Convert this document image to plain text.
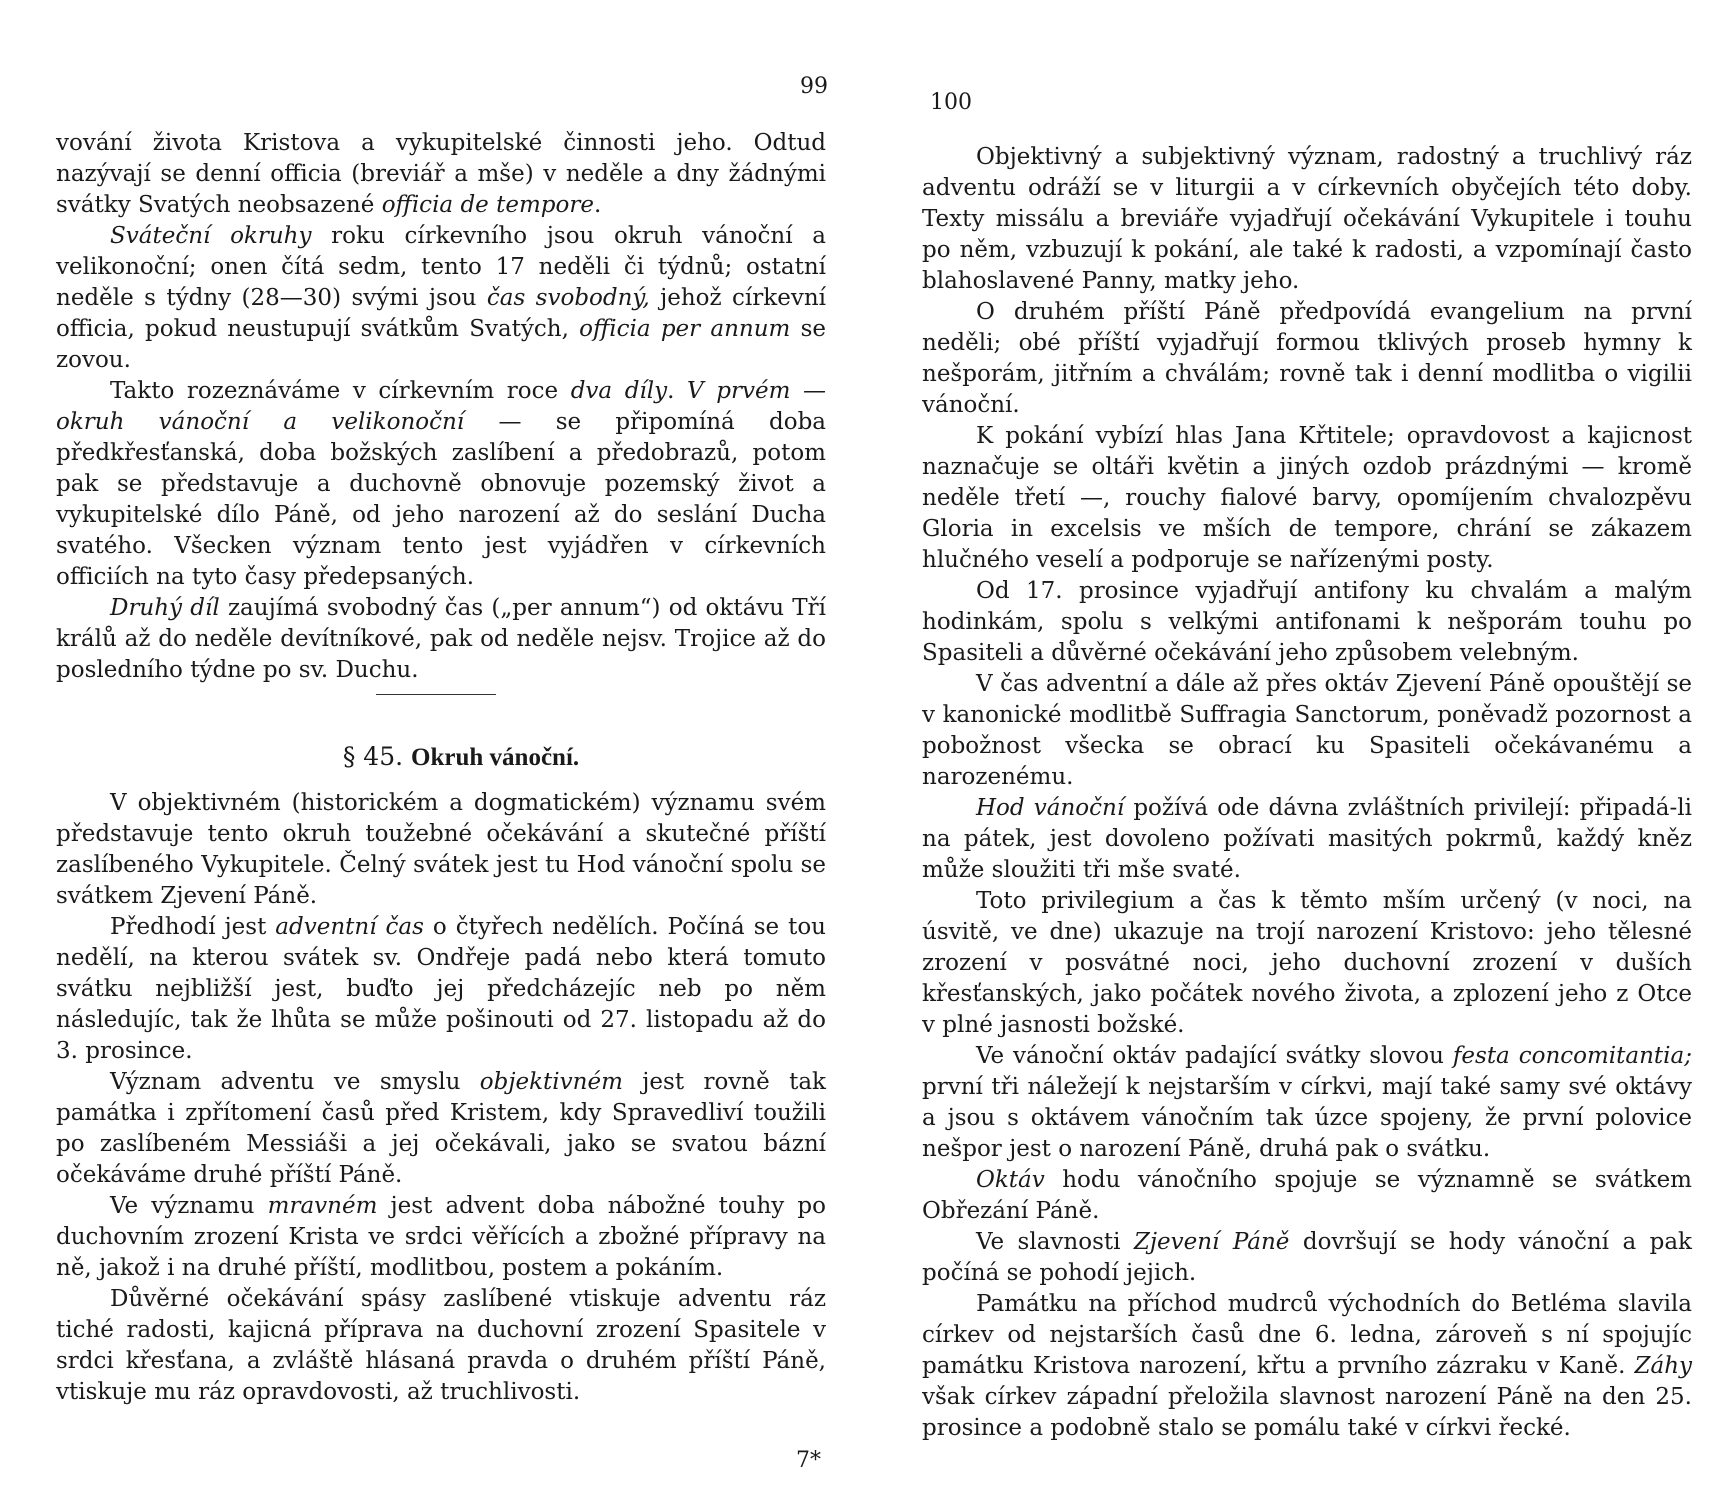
99

vování života Kristova a vykupitelské činnosti jeho. Odtud nazývají se denní officia (breviář a mše) v neděle a dny žádnými svátky Svatých neobsazené officia de tempore.

Sváteční okruhy roku církevního jsou okruh vánoční a velikonoční; onen čítá sedm, tento 17 neděli či týdnů; ostatní neděle s týdny (28—30) svými jsou čas svobodný, jehož církevní officia, pokud neustupují svátkům Svatých, officia per annum se zovou.

Takto rozeznáváme v církevním roce dva díly. V prvém — okruh vánoční a velikonoční — se připomíná doba předkřesťanská, doba božských zaslíbení a předobrazů, potom pak se představuje a duchovně obnovuje pozemský život a vykupitelské dílo Páně, od jeho narození až do seslání Ducha svatého. Všecken význam tento jest vyjádřen v církevních officiích na tyto časy předepsaných.

Druhý díl zaujímá svobodný čas („per annum“) od oktávu Tří králů až do neděle devítníkové, pak od neděle nejsv. Trojice až do posledního týdne po sv. Duchu.

§ 45. Okruh vánoční.

V objektivném (historickém a dogmatickém) významu svém představuje tento okruh toužebné očekávání a skutečné příští zaslíbeného Vykupitele. Čelný svátek jest tu Hod vánoční spolu se svátkem Zjevení Páně.

Předhodí jest adventní čas o čtyřech nedělích. Počíná se tou nedělí, na kterou svátek sv. Ondřeje padá nebo která tomuto svátku nejbližší jest, buďto jej předcházejíc neb po něm následujíc, tak že lhůta se může pošinouti od 27. listopadu až do 3. prosince.

Význam adventu ve smyslu objektivném jest rovně tak památka i zpřítomení časů před Kristem, kdy Spravedliví toužili po zaslíbeném Messiáši a jej očekávali, jako se svatou bázní očekáváme druhé příští Páně.

Ve významu mravném jest advent doba nábožné touhy po duchovním zrození Krista ve srdci věřících a zbožné přípravy na ně, jakož i na druhé příští, modlitbou, postem a pokáním.

Důvěrné očekávání spásy zaslíbené vtiskuje adventu ráz tiché radosti, kajicná příprava na duchovní zrození Spasitele v srdci křesťana, a zvláště hlásaná pravda o druhém příští Páně, vtiskuje mu ráz opravdovosti, až truchlivosti.

7*
100

Objektivný a subjektivný význam, radostný a truchlivý ráz adventu odráží se v liturgii a v církevních obyčejích této doby. Texty missálu a breviáře vyjadřují očekávání Vykupitele i touhu po něm, vzbuzují k pokání, ale také k radosti, a vzpomínají často blahoslavené Panny, matky jeho.

O druhém příští Páně předpovídá evangelium na první neděli; obé příští vyjadřují formou tklivých proseb hymny k nešporám, jitřním a chválám; rovně tak i denní modlitba o vigilii vánoční.

K pokání vybízí hlas Jana Křtitele; opravdovost a kajicnost naznačuje se oltáři květin a jiných ozdob prázdnými — kromě neděle třetí —, rouchy fialové barvy, opomíjením chvalozpěvu Gloria in excelsis ve mších de tempore, chrání se zákazem hlučného veselí a podporuje se nařízenými posty.

Od 17. prosince vyjadřují antifony ku chvalám a malým hodinkám, spolu s velkými antifonami k nešporám touhu po Spasiteli a důvěrné očekávání jeho způsobem velebným.

V čas adventní a dále až přes oktáv Zjevení Páně opouštějí se v kanonické modlitbě Suffragia Sanctorum, poněvadž pozornost a pobožnost všecka se obrací ku Spasiteli očekávanému a narozenému.

Hod vánoční požívá ode dávna zvláštních privilejí: připadá-li na pátek, jest dovoleno požívati masitých pokrmů, každý kněz může sloužiti tři mše svaté.

Toto privilegium a čas k těmto mším určený (v noci, na úsvitě, ve dne) ukazuje na trojí narození Kristovo: jeho tělesné zrození v posvátné noci, jeho duchovní zrození v duších křesťanských, jako počátek nového života, a zplození jeho z Otce v plné jasnosti božské.

Ve vánoční oktáv padající svátky slovou festa concomitantia; první tři náležejí k nejstarším v církvi, mají také samy své oktávy a jsou s oktávem vánočním tak úzce spojeny, že první polovice nešpor jest o narození Páně, druhá pak o svátku.

Oktáv hodu vánočního spojuje se významně se svátkem Obřezání Páně.

Ve slavnosti Zjevení Páně dovršují se hody vánoční a pak počíná se pohodí jejich.

Památku na příchod mudrců východních do Betléma slavila církev od nejstarších časů dne 6. ledna, zároveň s ní spojujíc památku Kristova narození, křtu a prvního zázraku v Kaně. Záhy však církev západní přeložila slavnost narození Páně na den 25. prosince a podobně stalo se pomálu také v církvi řecké.
